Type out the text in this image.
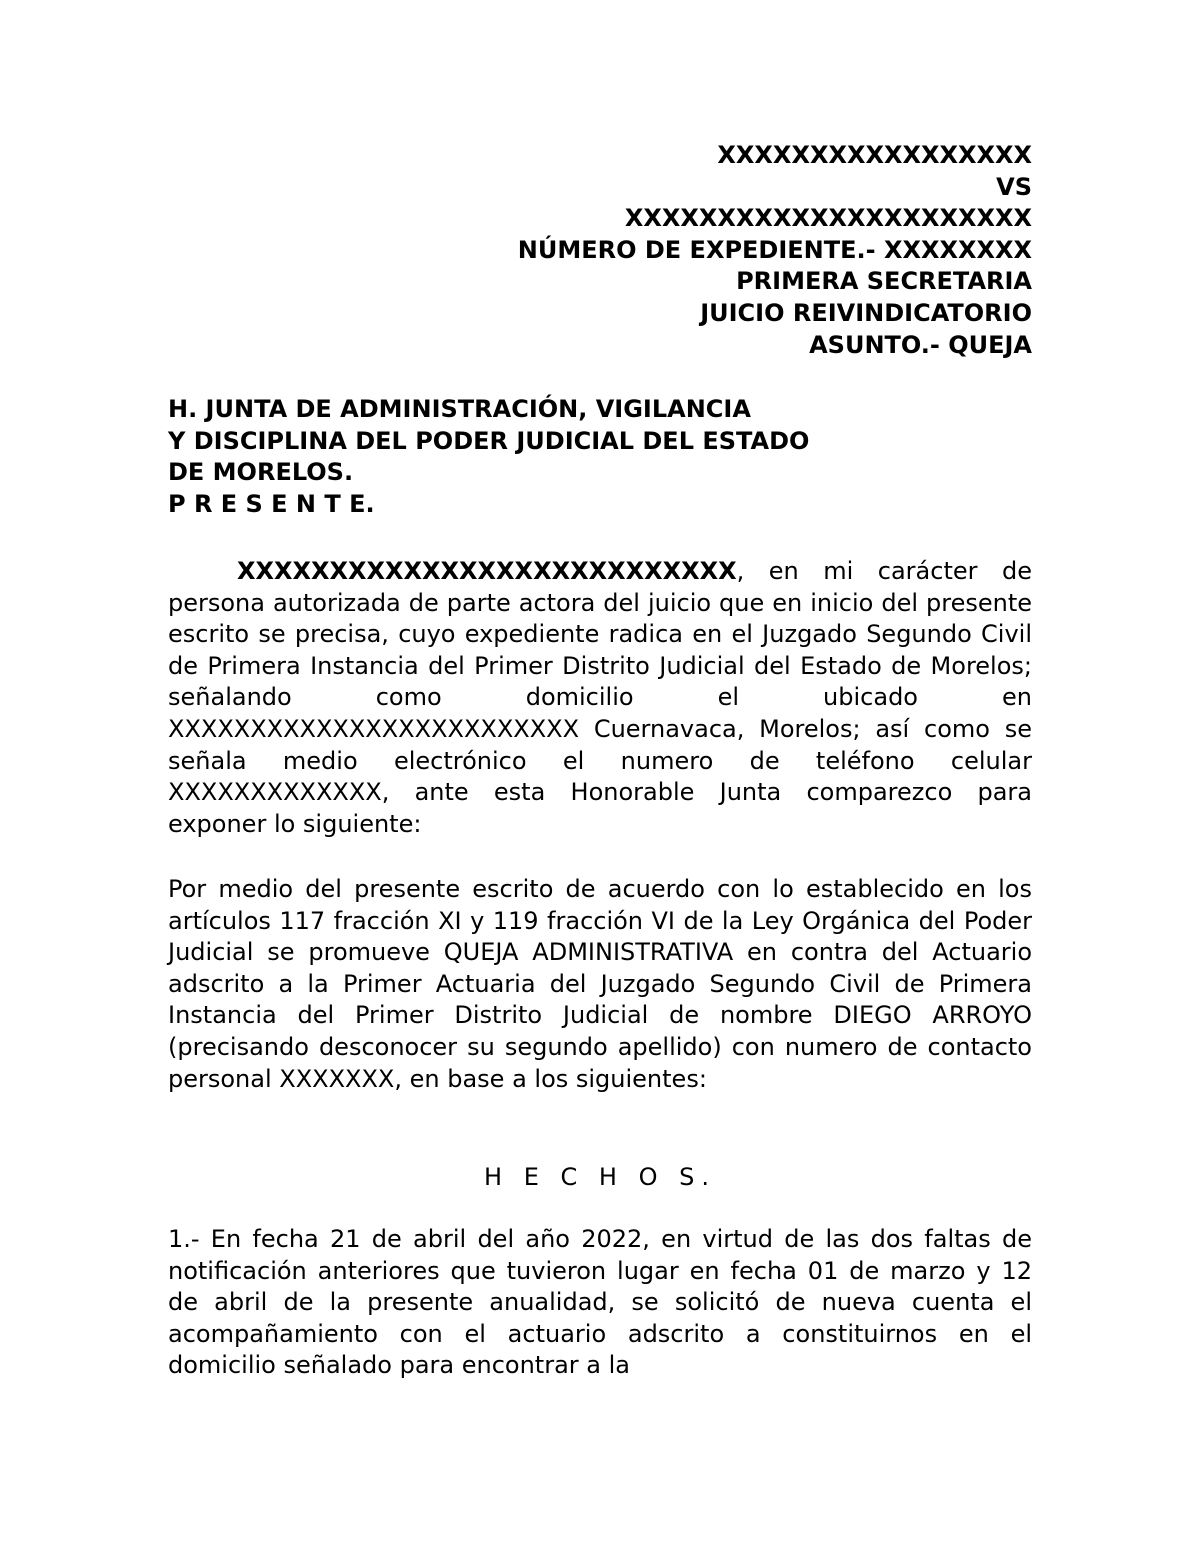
XXXXXXXXXXXXXXXXX
VS
XXXXXXXXXXXXXXXXXXXXXX
NÚMERO DE EXPEDIENTE.- XXXXXXXX
PRIMERA SECRETARIA
JUICIO REIVINDICATORIO
ASUNTO.- QUEJA
H. JUNTA DE ADMINISTRACIÓN, VIGILANCIA
Y DISCIPLINA DEL PODER JUDICIAL DEL ESTADO
DE MORELOS.
P R E S E N T E.
XXXXXXXXXXXXXXXXXXXXXXXXXXX, en mi carácter de persona autorizada de parte actora del juicio que en inicio del presente escrito se precisa, cuyo expediente radica en el Juzgado Segundo Civil de Primera Instancia del Primer Distrito Judicial del Estado de Morelos; señalando como domicilio el ubicado en XXXXXXXXXXXXXXXXXXXXXXXXX Cuernavaca, Morelos; así como se señala medio electrónico el numero de teléfono celular XXXXXXXXXXXXX, ante esta Honorable Junta comparezco para exponer lo siguiente:
Por medio del presente escrito de acuerdo con lo establecido en los artículos 117 fracción XI y 119 fracción VI de la Ley Orgánica del Poder Judicial se promueve QUEJA ADMINISTRATIVA en contra del Actuario adscrito a la Primer Actuaria del Juzgado Segundo Civil de Primera Instancia del Primer Distrito Judicial de nombre DIEGO ARROYO (precisando desconocer su segundo apellido) con numero de contacto personal XXXXXXX, en base a los siguientes:
H E C H O S.
1.- En fecha 21 de abril del año 2022, en virtud de las dos faltas de notificación anteriores que tuvieron lugar en fecha 01 de marzo y 12 de abril de la presente anualidad, se solicitó de nueva cuenta el acompañamiento con el actuario adscrito a constituirnos en el domicilio señalado para encontrar a la
